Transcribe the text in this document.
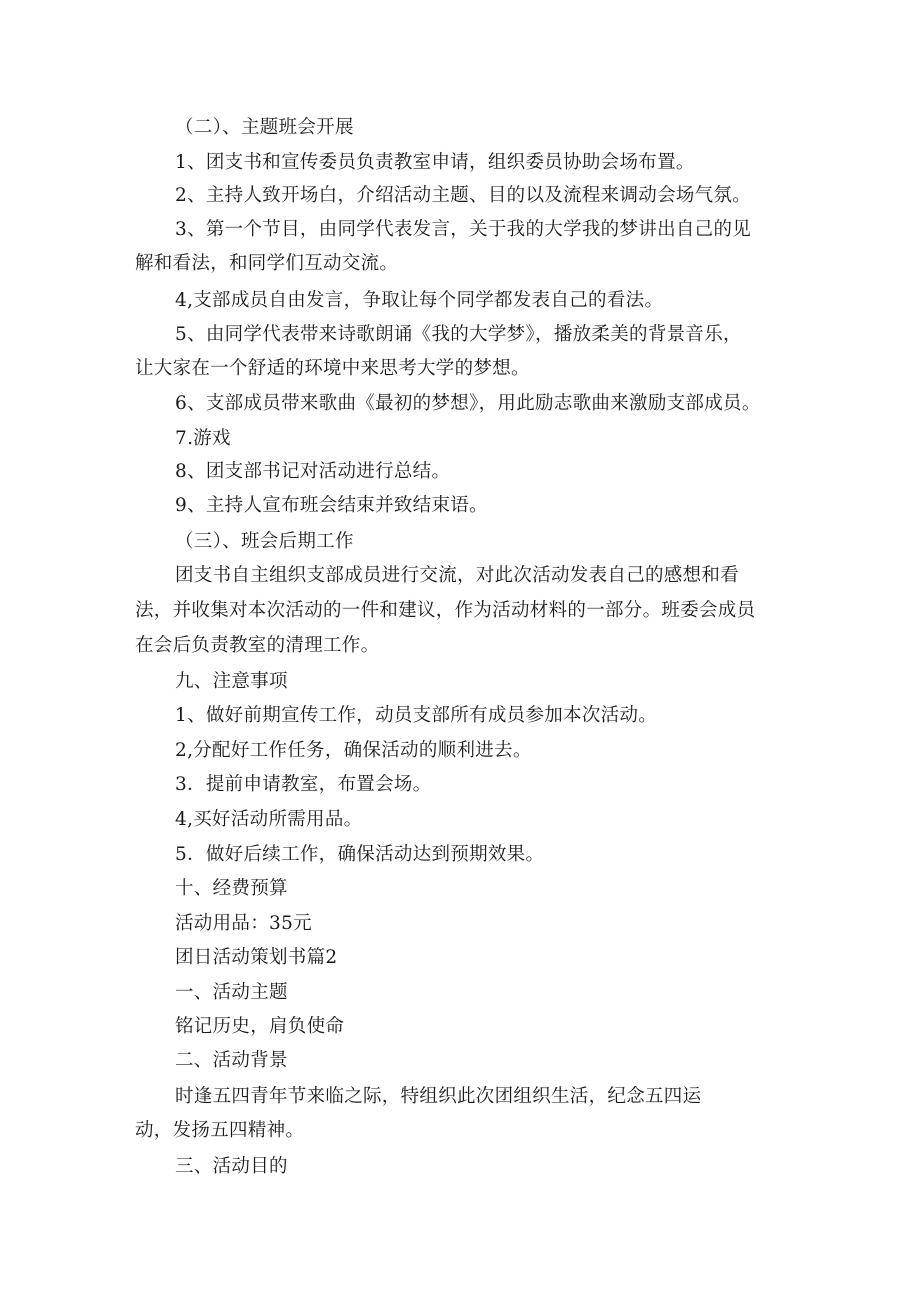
（二）、主题班会开展
1、团支书和宣传委员负责教室申请，组织委员协助会场布置。
2、主持人致开场白，介绍活动主题、目的以及流程来调动会场气氛。
3、第一个节目，由同学代表发言，关于我的大学我的梦讲出自己的见
解和看法，和同学们互动交流。
4,支部成员自由发言，争取让每个同学都发表自己的看法。
5、由同学代表带来诗歌朗诵《我的大学梦》，播放柔美的背景音乐，
让大家在一个舒适的环境中来思考大学的梦想。
6、支部成员带来歌曲《最初的梦想》，用此励志歌曲来激励支部成员。
7.游戏
8、团支部书记对活动进行总结。
9、主持人宣布班会结束并致结束语。
（三）、班会后期工作
团支书自主组织支部成员进行交流，对此次活动发表自己的感想和看
法，并收集对本次活动的一件和建议，作为活动材料的一部分。班委会成员
在会后负责教室的清理工作。
九、注意事项
1、做好前期宣传工作，动员支部所有成员参加本次活动。
2,分配好工作任务，确保活动的顺利进去。
3．提前申请教室，布置会场。
4,买好活动所需用品。
5．做好后续工作，确保活动达到预期效果。
十、经费预算
活动用品：35元
团日活动策划书篇2
一、活动主题
铭记历史，肩负使命
二、活动背景
时逢五四青年节来临之际，特组织此次团组织生活，纪念五四运
动，发扬五四精神。
三、活动目的
